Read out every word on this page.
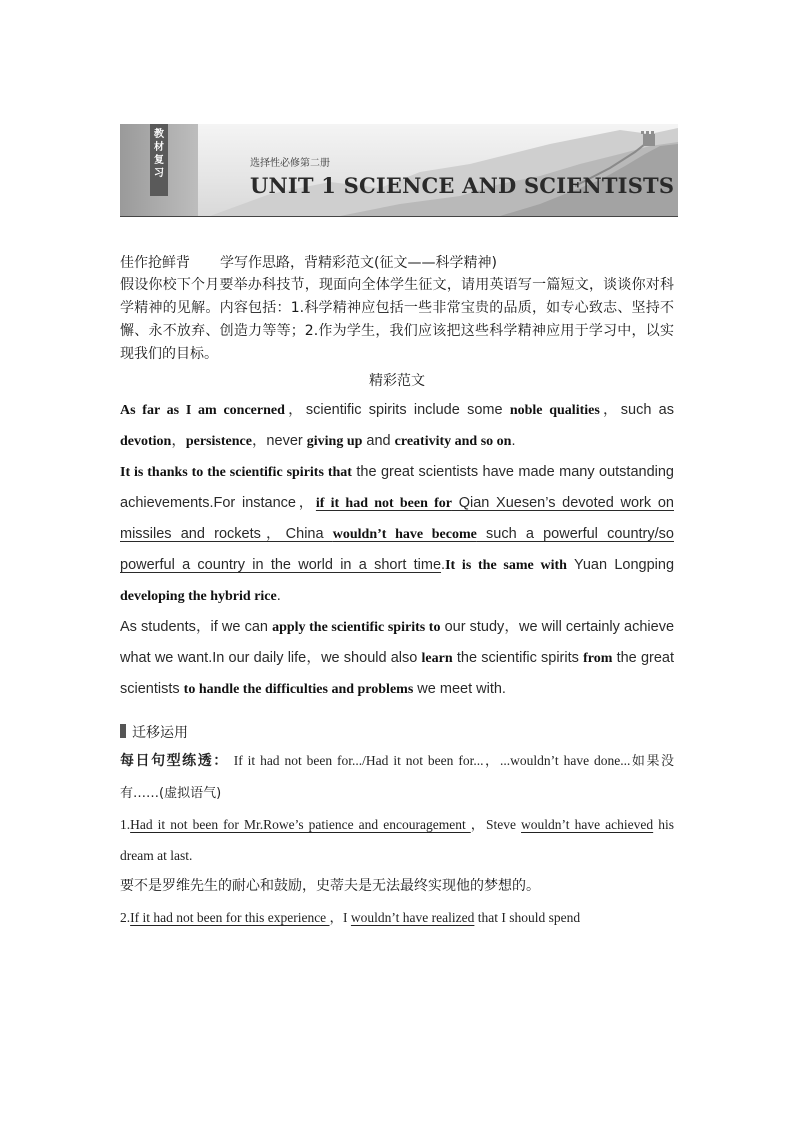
教
材
复
习
选择性必修第二册
UNIT 1 SCIENCE AND SCIENTISTS
佳作抢鲜背 学写作思路，背精彩范文(征文——科学精神)

假设你校下个月要举办科技节，现面向全体学生征文，请用英语写一篇短文，谈谈你对科学精神的见解。内容包括：1.科学精神应包括一些非常宝贵的品质，如专心致志、坚持不懈、永不放弃、创造力等等；2.作为学生，我们应该把这些科学精神应用于学习中，以实现我们的目标。

精彩范文

As far as I am concerned，scientific spirits include some noble qualities，such as devotion，persistence，never giving up and creativity and so on.

It is thanks to the scientific spirits that the great scientists have made many outstanding achievements.For instance，if it had not been for Qian Xuesen’s devoted work on missiles and rockets，China wouldn’t have become such a powerful country/so powerful a country in the world in a short time.It is the same with Yuan Longping developing the hybrid rice.

As students，if we can apply the scientific spirits to our study，we will certainly achieve what we want.In our daily life，we should also learn the scientific spirits from the great scientists to handle the difficulties and problems we meet with.

迁移运用

每日句型练透： If it had not been for.../Had it not been for...，...wouldn’t have done...如果没有……(虚拟语气)

1.Had it not been for Mr.Rowe’s patience and encouragement ，Steve wouldn’t have achieved his dream at last.

要不是罗维先生的耐心和鼓励，史蒂夫是无法最终实现他的梦想的。

2.If it had not been for this experience ，I wouldn’t have realized that I should spend
